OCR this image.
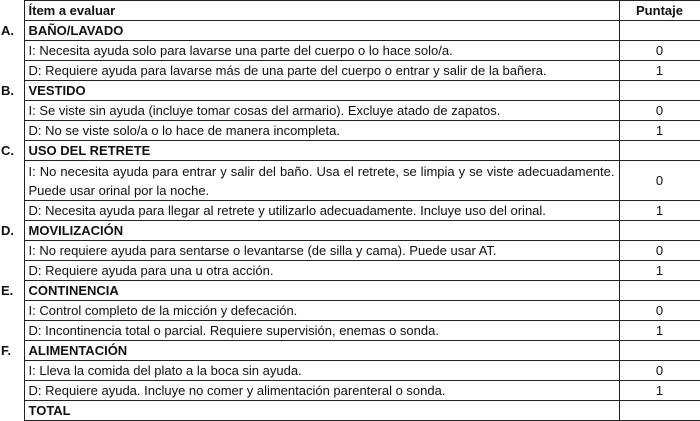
	Ítem a evaluar	Puntaje
A.	BAÑO/LAVADO	
	I: Necesita ayuda solo para lavarse una parte del cuerpo o lo hace solo/a.	0
	D: Requiere ayuda para lavarse más de una parte del cuerpo o entrar y salir de la bañera.	1
B.	VESTIDO	
	I: Se viste sin ayuda (incluye tomar cosas del armario). Excluye atado de zapatos.	0
	D: No se viste solo/a o lo hace de manera incompleta.	1
C.	USO DEL RETRETE	
	I: No necesita ayuda para entrar y salir del baño. Usa el retrete, se limpia y se viste adecuadamente. Puede usar orinal por la noche.	0
	D: Necesita ayuda para llegar al retrete y utilizarlo adecuadamente. Incluye uso del orinal.	1
D.	MOVILIZACIÓN	
	I: No requiere ayuda para sentarse o levantarse (de silla y cama). Puede usar AT.	0
	D: Requiere ayuda para una u otra acción.	1
E.	CONTINENCIA	
	I: Control completo de la micción y defecación.	0
	D: Incontinencia total o parcial. Requiere supervisión, enemas o sonda.	1
F.	ALIMENTACIÓN	
	I: Lleva la comida del plato a la boca sin ayuda.	0
	D: Requiere ayuda. Incluye no comer y alimentación parenteral o sonda.	1
	TOTAL	
